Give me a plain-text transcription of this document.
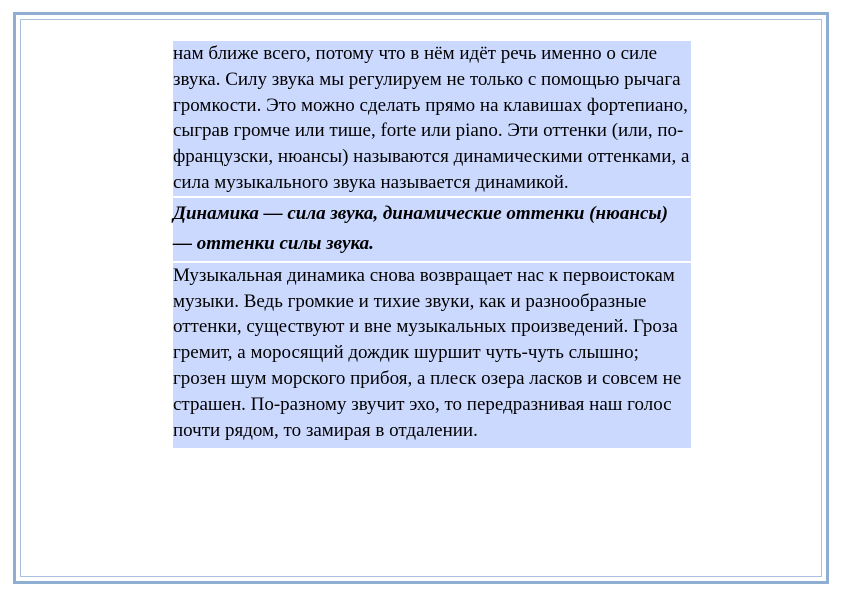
нам ближе всего, потому что в нём идёт речь именно о силе звука. Силу звука мы регулируем не только с помощью рычага громкости. Это можно сделать прямо на клавишах фортепиано, сыграв громче или тише, forte или piano. Эти оттенки (или, по-французски, нюансы) называются динамическими оттенками, а сила музыкального звука называется динамикой.

Динамика — сила звука, динамические оттенки (нюансы) — оттенки силы звука.

Музыкальная динамика снова возвращает нас к первоистокам музыки. Ведь громкие и тихие звуки, как и разнообразные оттенки, существуют и вне музыкальных произведений. Гроза гремит, а моросящий дождик шуршит чуть-чуть слышно; грозен шум морского прибоя, а плеск озера ласков и совсем не страшен. По-разному звучит эхо, то передразнивая наш голос почти рядом, то замирая в отдалении.
